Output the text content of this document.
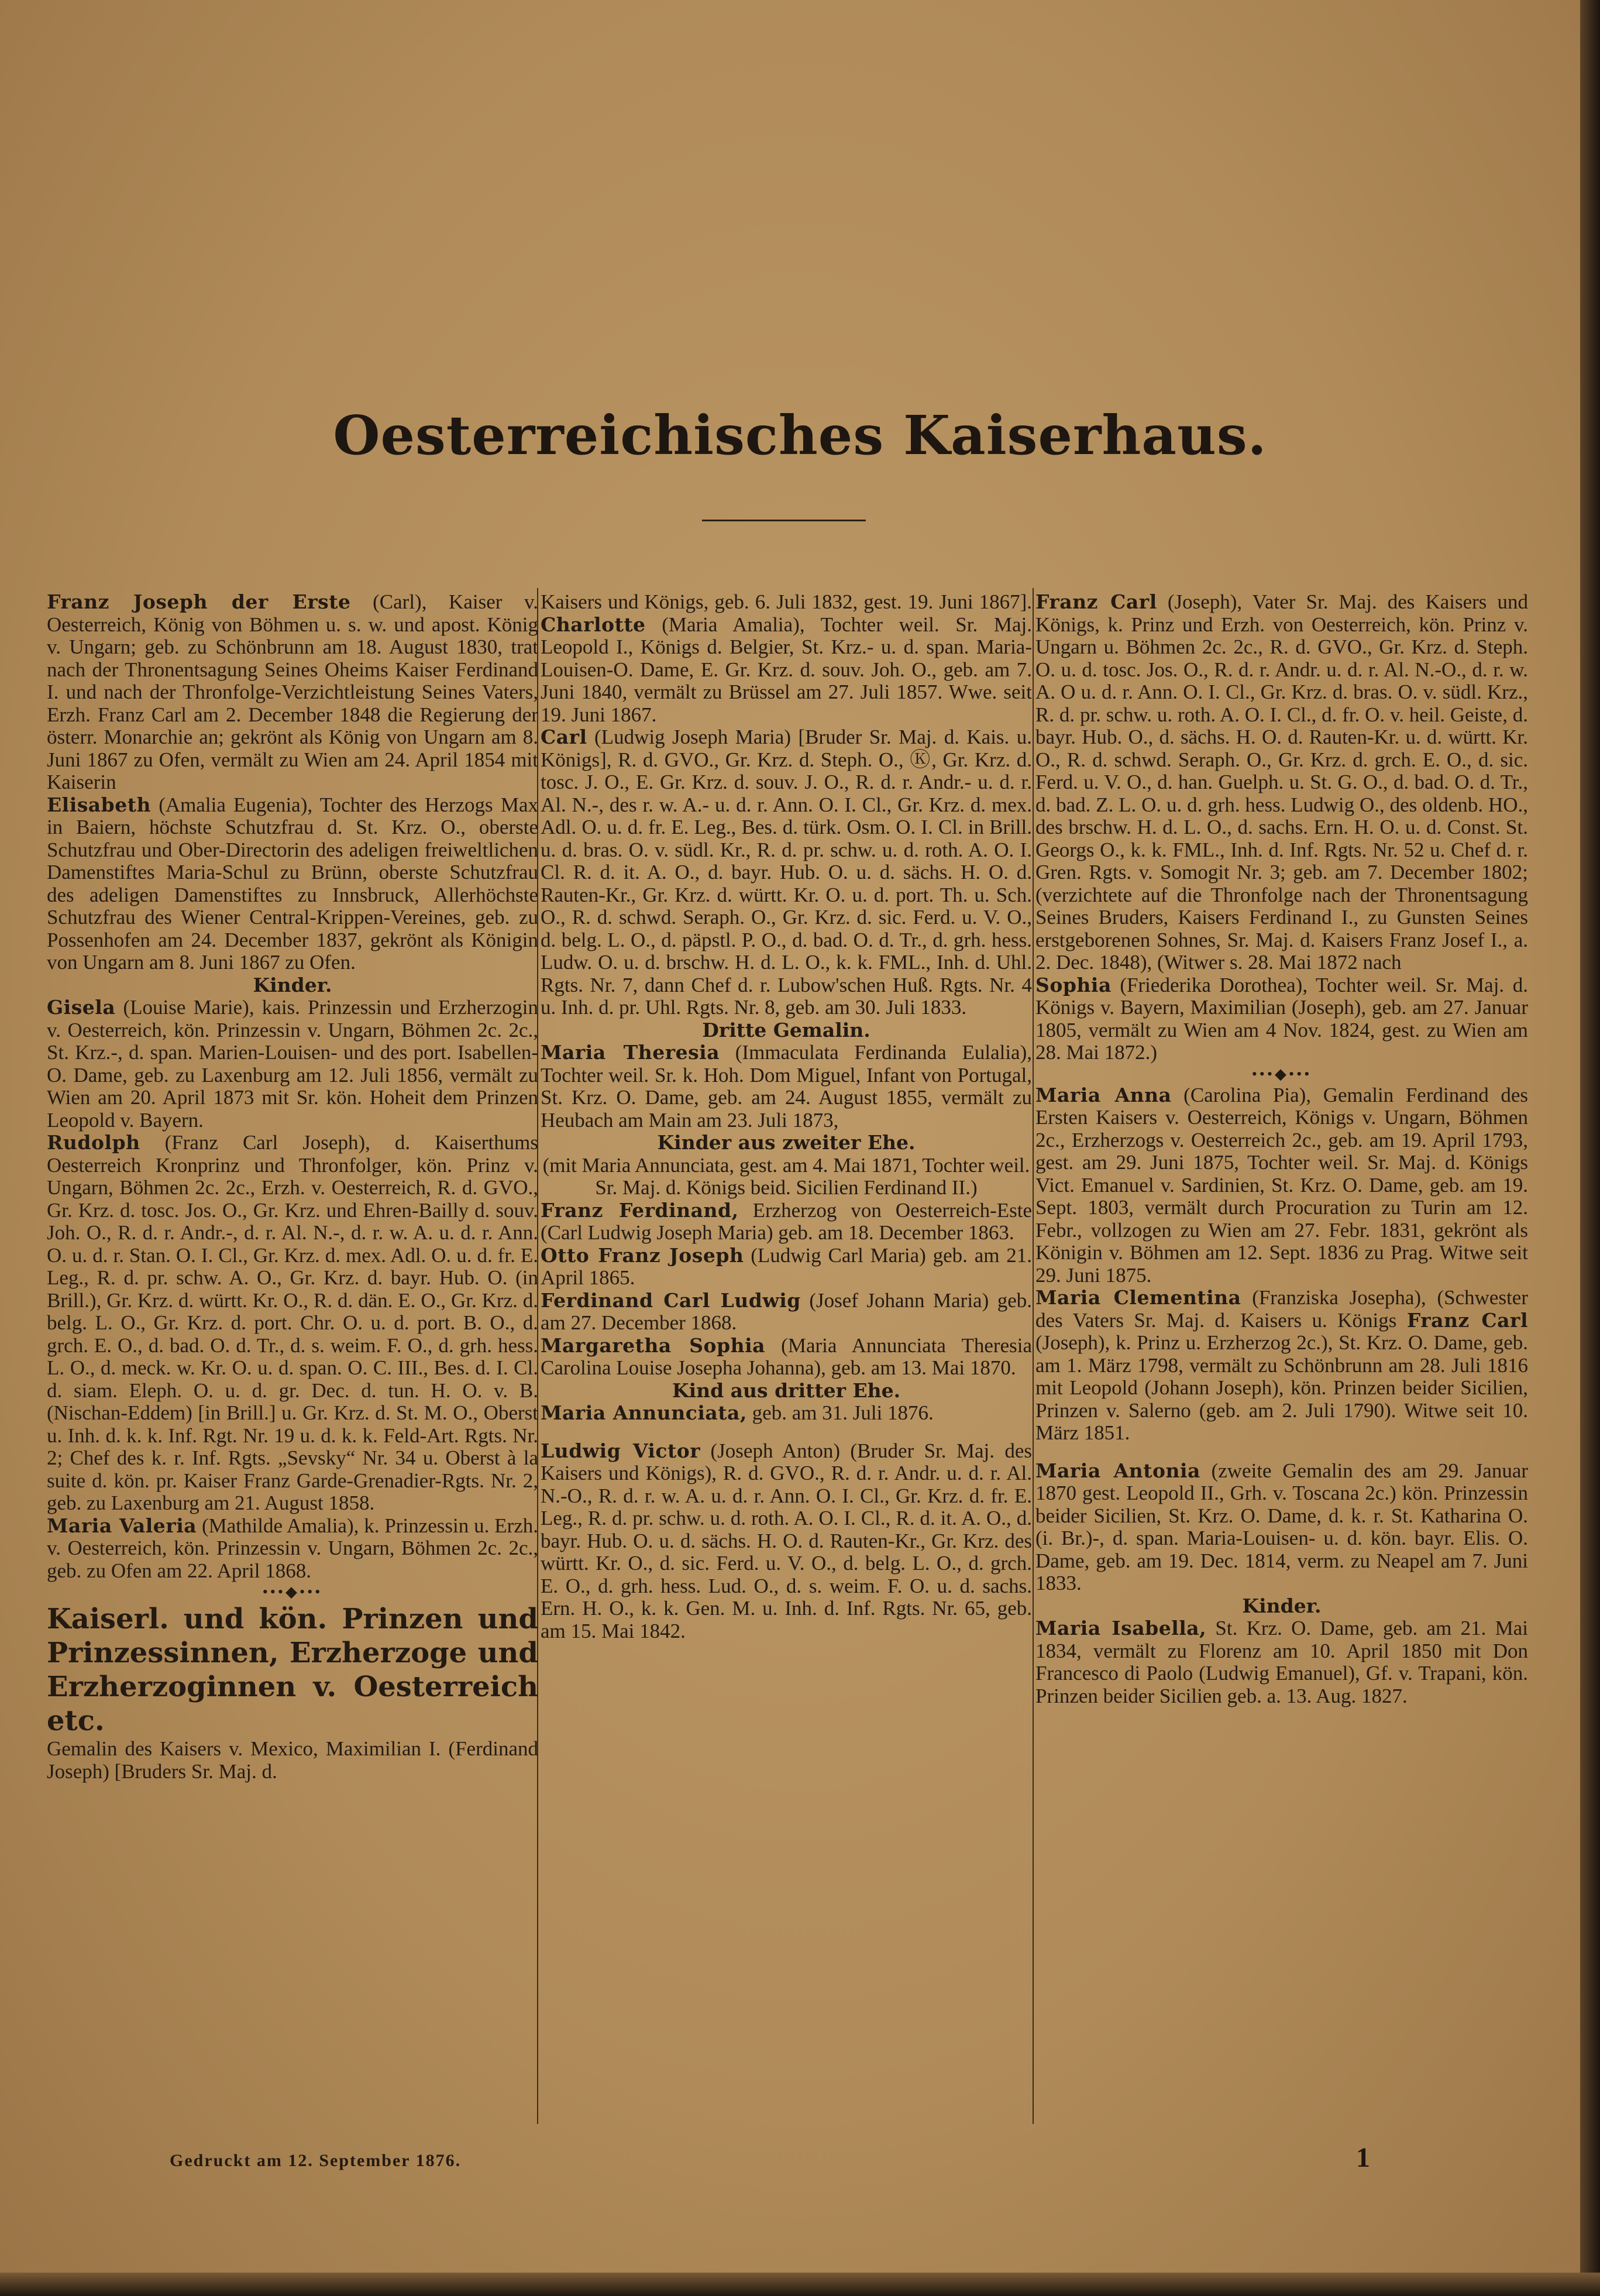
Oesterreichisches Kaiserhaus.

Franz Joseph der Erste (Carl), Kaiser v. Oesterreich, König von Böhmen u. s. w. und apost. König v. Ungarn; geb. zu Schönbrunn am 18. August 1830, trat nach der Thronentsagung Seines Oheims Kaiser Ferdinand I. und nach der Thronfolge-Verzichtleistung Seines Vaters, Erzh. Franz Carl am 2. December 1848 die Regierung der österr. Monarchie an; gekrönt als König von Ungarn am 8. Juni 1867 zu Ofen, vermält zu Wien am 24. April 1854 mit Kaiserin

Elisabeth (Amalia Eugenia), Tochter des Herzogs Max in Baiern, höchste Schutzfrau d. St. Krz. O., oberste Schutzfrau und Ober-Directorin des adeligen freiweltlichen Damenstiftes Maria-Schul zu Brünn, oberste Schutzfrau des adeligen Damenstiftes zu Innsbruck, Allerhöchste Schutzfrau des Wiener Central-Krippen-Vereines, geb. zu Possenhofen am 24. December 1837, gekrönt als Königin von Ungarn am 8. Juni 1867 zu Ofen.

Kinder.

Gisela (Louise Marie), kais. Prinzessin und Erzherzogin v. Oesterreich, kön. Prinzessin v. Ungarn, Böhmen 2c. 2c., St. Krz.-, d. span. Marien-Louisen- und des port. Isabellen-O. Dame, geb. zu Laxenburg am 12. Juli 1856, vermält zu Wien am 20. April 1873 mit Sr. kön. Hoheit dem Prinzen Leopold v. Bayern.

Rudolph (Franz Carl Joseph), d. Kaiserthums Oesterreich Kronprinz und Thronfolger, kön. Prinz v. Ungarn, Böhmen 2c. 2c., Erzh. v. Oesterreich, R. d. GVO., Gr. Krz. d. tosc. Jos. O., Gr. Krz. und Ehren-Bailly d. souv. Joh. O., R. d. r. Andr.-, d. r. Al. N.-, d. r. w. A. u. d. r. Ann. O. u. d. r. Stan. O. I. Cl., Gr. Krz. d. mex. Adl. O. u. d. fr. E. Leg., R. d. pr. schw. A. O., Gr. Krz. d. bayr. Hub. O. (in Brill.), Gr. Krz. d. württ. Kr. O., R. d. dän. E. O., Gr. Krz. d. belg. L. O., Gr. Krz. d. port. Chr. O. u. d. port. B. O., d. grch. E. O., d. bad. O. d. Tr., d. s. weim. F. O., d. grh. hess. L. O., d. meck. w. Kr. O. u. d. span. O. C. III., Bes. d. I. Cl. d. siam. Eleph. O. u. d. gr. Dec. d. tun. H. O. v. B. (Nischan-Eddem) [in Brill.] u. Gr. Krz. d. St. M. O., Oberst u. Inh. d. k. k. Inf. Rgt. Nr. 19 u. d. k. k. Feld-Art. Rgts. Nr. 2; Chef des k. r. Inf. Rgts. „Sevsky“ Nr. 34 u. Oberst à la suite d. kön. pr. Kaiser Franz Garde-Grenadier-Rgts. Nr. 2, geb. zu Laxenburg am 21. August 1858.

Maria Valeria (Mathilde Amalia), k. Prinzessin u. Erzh. v. Oesterreich, kön. Prinzessin v. Ungarn, Böhmen 2c. 2c., geb. zu Ofen am 22. April 1868.

•••◆•••

Kaiserl. und kön. Prinzen und Prinzessinnen, Erzherzoge und Erzherzoginnen v. Oesterreich etc.

Gemalin des Kaisers v. Mexico, Maximilian I. (Ferdinand Joseph) [Bruders Sr. Maj. d.

Kaisers und Königs, geb. 6. Juli 1832, gest. 19. Juni 1867]. Charlotte (Maria Amalia), Tochter weil. Sr. Maj. Leopold I., Königs d. Belgier, St. Krz.- u. d. span. Maria-Louisen-O. Dame, E. Gr. Krz. d. souv. Joh. O., geb. am 7. Juni 1840, vermält zu Brüssel am 27. Juli 1857. Wwe. seit 19. Juni 1867.

Carl (Ludwig Joseph Maria) [Bruder Sr. Maj. d. Kais. u. Königs], R. d. GVO., Gr. Krz. d. Steph. O., Ⓚ, Gr. Krz. d. tosc. J. O., E. Gr. Krz. d. souv. J. O., R. d. r. Andr.- u. d. r. Al. N.-, des r. w. A.- u. d. r. Ann. O. I. Cl., Gr. Krz. d. mex. Adl. O. u. d. fr. E. Leg., Bes. d. türk. Osm. O. I. Cl. in Brill. u. d. bras. O. v. südl. Kr., R. d. pr. schw. u. d. roth. A. O. I. Cl. R. d. it. A. O., d. bayr. Hub. O. u. d. sächs. H. O. d. Rauten-Kr., Gr. Krz. d. württ. Kr. O. u. d. port. Th. u. Sch. O., R. d. schwd. Seraph. O., Gr. Krz. d. sic. Ferd. u. V. O., d. belg. L. O., d. päpstl. P. O., d. bad. O. d. Tr., d. grh. hess. Ludw. O. u. d. brschw. H. d. L. O., k. k. FML., Inh. d. Uhl. Rgts. Nr. 7, dann Chef d. r. Lubow'schen Huß. Rgts. Nr. 4 u. Inh. d. pr. Uhl. Rgts. Nr. 8, geb. am 30. Juli 1833.

Dritte Gemalin.

Maria Theresia (Immaculata Ferdinanda Eulalia), Tochter weil. Sr. k. Hoh. Dom Miguel, Infant von Portugal, St. Krz. O. Dame, geb. am 24. August 1855, vermält zu Heubach am Main am 23. Juli 1873,

Kinder aus zweiter Ehe.

(mit Maria Annunciata, gest. am 4. Mai 1871, Tochter weil. Sr. Maj. d. Königs beid. Sicilien Ferdinand II.)

Franz Ferdinand, Erzherzog von Oesterreich-Este (Carl Ludwig Joseph Maria) geb. am 18. December 1863.

Otto Franz Joseph (Ludwig Carl Maria) geb. am 21. April 1865.

Ferdinand Carl Ludwig (Josef Johann Maria) geb. am 27. December 1868.

Margaretha Sophia (Maria Annunciata Theresia Carolina Louise Josepha Johanna), geb. am 13. Mai 1870.

Kind aus dritter Ehe.

Maria Annunciata, geb. am 31. Juli 1876.

Ludwig Victor (Joseph Anton) (Bruder Sr. Maj. des Kaisers und Königs), R. d. GVO., R. d. r. Andr. u. d. r. Al. N.-O., R. d. r. w. A. u. d. r. Ann. O. I. Cl., Gr. Krz. d. fr. E. Leg., R. d. pr. schw. u. d. roth. A. O. I. Cl., R. d. it. A. O., d. bayr. Hub. O. u. d. sächs. H. O. d. Rauten-Kr., Gr. Krz. des württ. Kr. O., d. sic. Ferd. u. V. O., d. belg. L. O., d. grch. E. O., d. grh. hess. Lud. O., d. s. weim. F. O. u. d. sachs. Ern. H. O., k. k. Gen. M. u. Inh. d. Inf. Rgts. Nr. 65, geb. am 15. Mai 1842.

Franz Carl (Joseph), Vater Sr. Maj. des Kaisers und Königs, k. Prinz und Erzh. von Oesterreich, kön. Prinz v. Ungarn u. Böhmen 2c. 2c., R. d. GVO., Gr. Krz. d. Steph. O. u. d. tosc. Jos. O., R. d. r. Andr. u. d. r. Al. N.-O., d. r. w. A. O u. d. r. Ann. O. I. Cl., Gr. Krz. d. bras. O. v. südl. Krz., R. d. pr. schw. u. roth. A. O. I. Cl., d. fr. O. v. heil. Geiste, d. bayr. Hub. O., d. sächs. H. O. d. Rauten-Kr. u. d. württ. Kr. O., R. d. schwd. Seraph. O., Gr. Krz. d. grch. E. O., d. sic. Ferd. u. V. O., d. han. Guelph. u. St. G. O., d. bad. O. d. Tr., d. bad. Z. L. O. u. d. grh. hess. Ludwig O., des oldenb. HO., des brschw. H. d. L. O., d. sachs. Ern. H. O. u. d. Const. St. Georgs O., k. k. FML., Inh. d. Inf. Rgts. Nr. 52 u. Chef d. r. Gren. Rgts. v. Somogit Nr. 3; geb. am 7. December 1802; (verzichtete auf die Thronfolge nach der Thronentsagung Seines Bruders, Kaisers Ferdinand I., zu Gunsten Seines erstgeborenen Sohnes, Sr. Maj. d. Kaisers Franz Josef I., a. 2. Dec. 1848), (Witwer s. 28. Mai 1872 nach

Sophia (Friederika Dorothea), Tochter weil. Sr. Maj. d. Königs v. Bayern, Maximilian (Joseph), geb. am 27. Januar 1805, vermält zu Wien am 4 Nov. 1824, gest. zu Wien am 28. Mai 1872.)

•••◆•••

Maria Anna (Carolina Pia), Gemalin Ferdinand des Ersten Kaisers v. Oesterreich, Königs v. Ungarn, Böhmen 2c., Erzherzogs v. Oesterreich 2c., geb. am 19. April 1793, gest. am 29. Juni 1875, Tochter weil. Sr. Maj. d. Königs Vict. Emanuel v. Sardinien, St. Krz. O. Dame, geb. am 19. Sept. 1803, vermält durch Procuration zu Turin am 12. Febr., vollzogen zu Wien am 27. Febr. 1831, gekrönt als Königin v. Böhmen am 12. Sept. 1836 zu Prag. Witwe seit 29. Juni 1875.

Maria Clementina (Franziska Josepha), (Schwester des Vaters Sr. Maj. d. Kaisers u. Königs Franz Carl (Joseph), k. Prinz u. Erzherzog 2c.), St. Krz. O. Dame, geb. am 1. März 1798, vermält zu Schönbrunn am 28. Juli 1816 mit Leopold (Johann Joseph), kön. Prinzen beider Sicilien, Prinzen v. Salerno (geb. am 2. Juli 1790). Witwe seit 10. März 1851.

Maria Antonia (zweite Gemalin des am 29. Januar 1870 gest. Leopold II., Grh. v. Toscana 2c.) kön. Prinzessin beider Sicilien, St. Krz. O. Dame, d. k. r. St. Katharina O. (i. Br.)-, d. span. Maria-Louisen- u. d. kön. bayr. Elis. O. Dame, geb. am 19. Dec. 1814, verm. zu Neapel am 7. Juni 1833.

Kinder.

Maria Isabella, St. Krz. O. Dame, geb. am 21. Mai 1834, vermält zu Florenz am 10. April 1850 mit Don Francesco di Paolo (Ludwig Emanuel), Gf. v. Trapani, kön. Prinzen beider Sicilien geb. a. 13. Aug. 1827.

Gedruckt am 12. September 1876.	1
